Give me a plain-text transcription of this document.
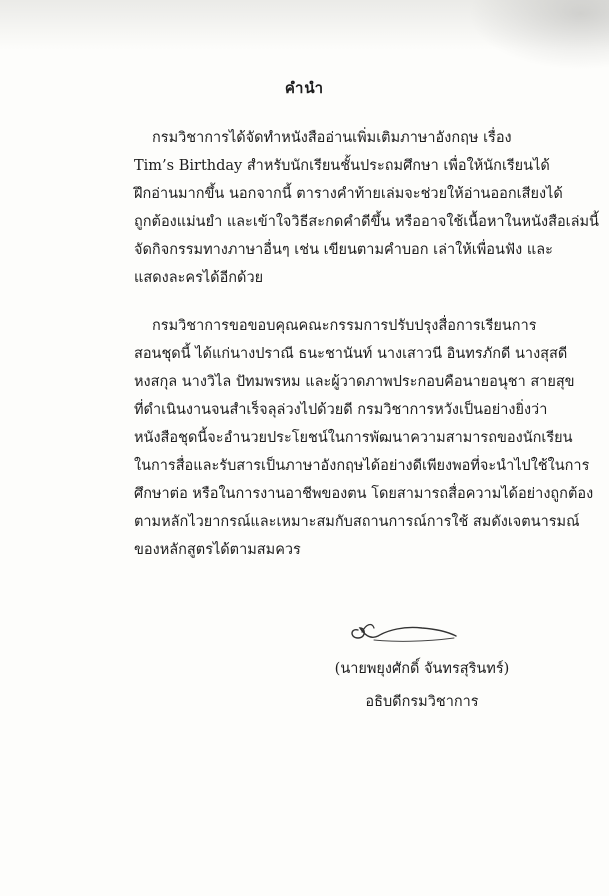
คำนำ
กรมวิชาการได้จัดทำหนังสืออ่านเพิ่มเติมภาษาอังกฤษ เรื่อง
Tim’s Birthday สำหรับนักเรียนชั้นประถมศึกษา เพื่อให้นักเรียนได้
ฝึกอ่านมากขึ้น นอกจากนี้ ตารางคำท้ายเล่มจะช่วยให้อ่านออกเสียงได้
ถูกต้องแม่นยำ และเข้าใจวิธีสะกดคำดีขึ้น หรืออาจใช้เนื้อหาในหนังสือเล่มนี้
จัดกิจกรรมทางภาษาอื่นๆ เช่น เขียนตามคำบอก เล่าให้เพื่อนฟัง และ
แสดงละครได้อีกด้วย
กรมวิชาการขอขอบคุณคณะกรรมการปรับปรุงสื่อการเรียนการ
สอนชุดนี้ ได้แก่นางปราณี ธนะชานันท์ นางเสาวนี อินทรภักดี นางสุสดี
หงสกุล นางวิไล ปัทมพรหม และผู้วาดภาพประกอบคือนายอนุชา สายสุข
ที่ดำเนินงานจนสำเร็จลุล่วงไปด้วยดี กรมวิชาการหวังเป็นอย่างยิ่งว่า
หนังสือชุดนี้จะอำนวยประโยชน์ในการพัฒนาความสามารถของนักเรียน
ในการสื่อและรับสารเป็นภาษาอังกฤษได้อย่างดีเพียงพอที่จะนำไปใช้ในการ
ศึกษาต่อ หรือในการงานอาชีพของตน โดยสามารถสื่อความได้อย่างถูกต้อง
ตามหลักไวยากรณ์และเหมาะสมกับสถานการณ์การใช้ สมดังเจตนารมณ์
ของหลักสูตรได้ตามสมควร
(นายพยุงศักดิ์ จันทรสุรินทร์)
อธิบดีกรมวิชาการ
